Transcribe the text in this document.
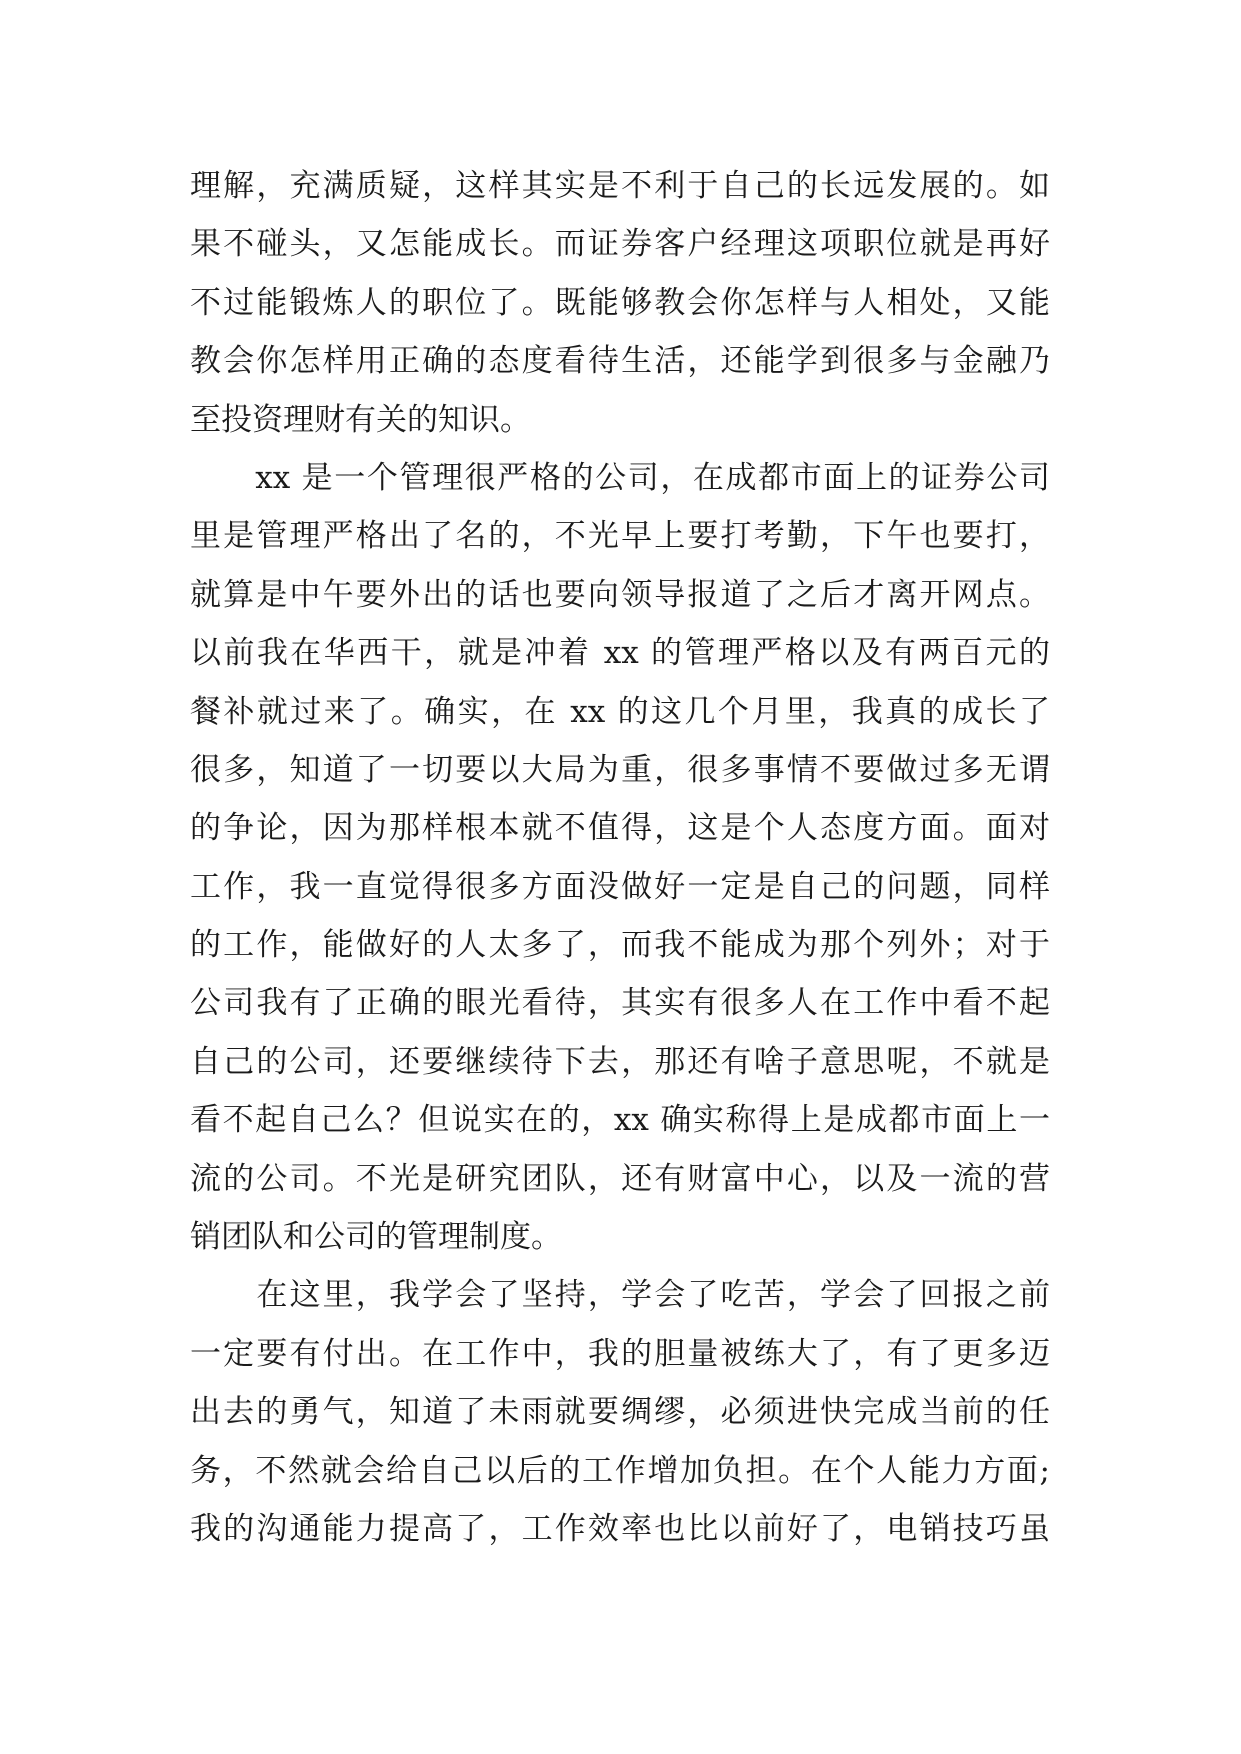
理解，充满质疑，这样其实是不利于自己的长远发展的。如
果不碰头，又怎能成长。而证券客户经理这项职位就是再好
不过能锻炼人的职位了。既能够教会你怎样与人相处，又能
教会你怎样用正确的态度看待生活，还能学到很多与金融乃
至投资理财有关的知识。
　　xx 是一个管理很严格的公司，在成都市面上的证券公司
里是管理严格出了名的，不光早上要打考勤，下午也要打，
就算是中午要外出的话也要向领导报道了之后才离开网点。
以前我在华西干，就是冲着 xx 的管理严格以及有两百元的
餐补就过来了。确实，在 xx 的这几个月里，我真的成长了
很多，知道了一切要以大局为重，很多事情不要做过多无谓
的争论，因为那样根本就不值得，这是个人态度方面。面对
工作，我一直觉得很多方面没做好一定是自己的问题，同样
的工作，能做好的人太多了，而我不能成为那个列外；对于
公司我有了正确的眼光看待，其实有很多人在工作中看不起
自己的公司，还要继续待下去，那还有啥子意思呢，不就是
看不起自己么？但说实在的，xx 确实称得上是成都市面上一
流的公司。不光是研究团队，还有财富中心，以及一流的营
销团队和公司的管理制度。
　　在这里，我学会了坚持，学会了吃苦，学会了回报之前
一定要有付出。在工作中，我的胆量被练大了，有了更多迈
出去的勇气，知道了未雨就要绸缪，必须进快完成当前的任
务，不然就会给自己以后的工作增加负担。在个人能力方面;
我的沟通能力提高了，工作效率也比以前好了，电销技巧虽
